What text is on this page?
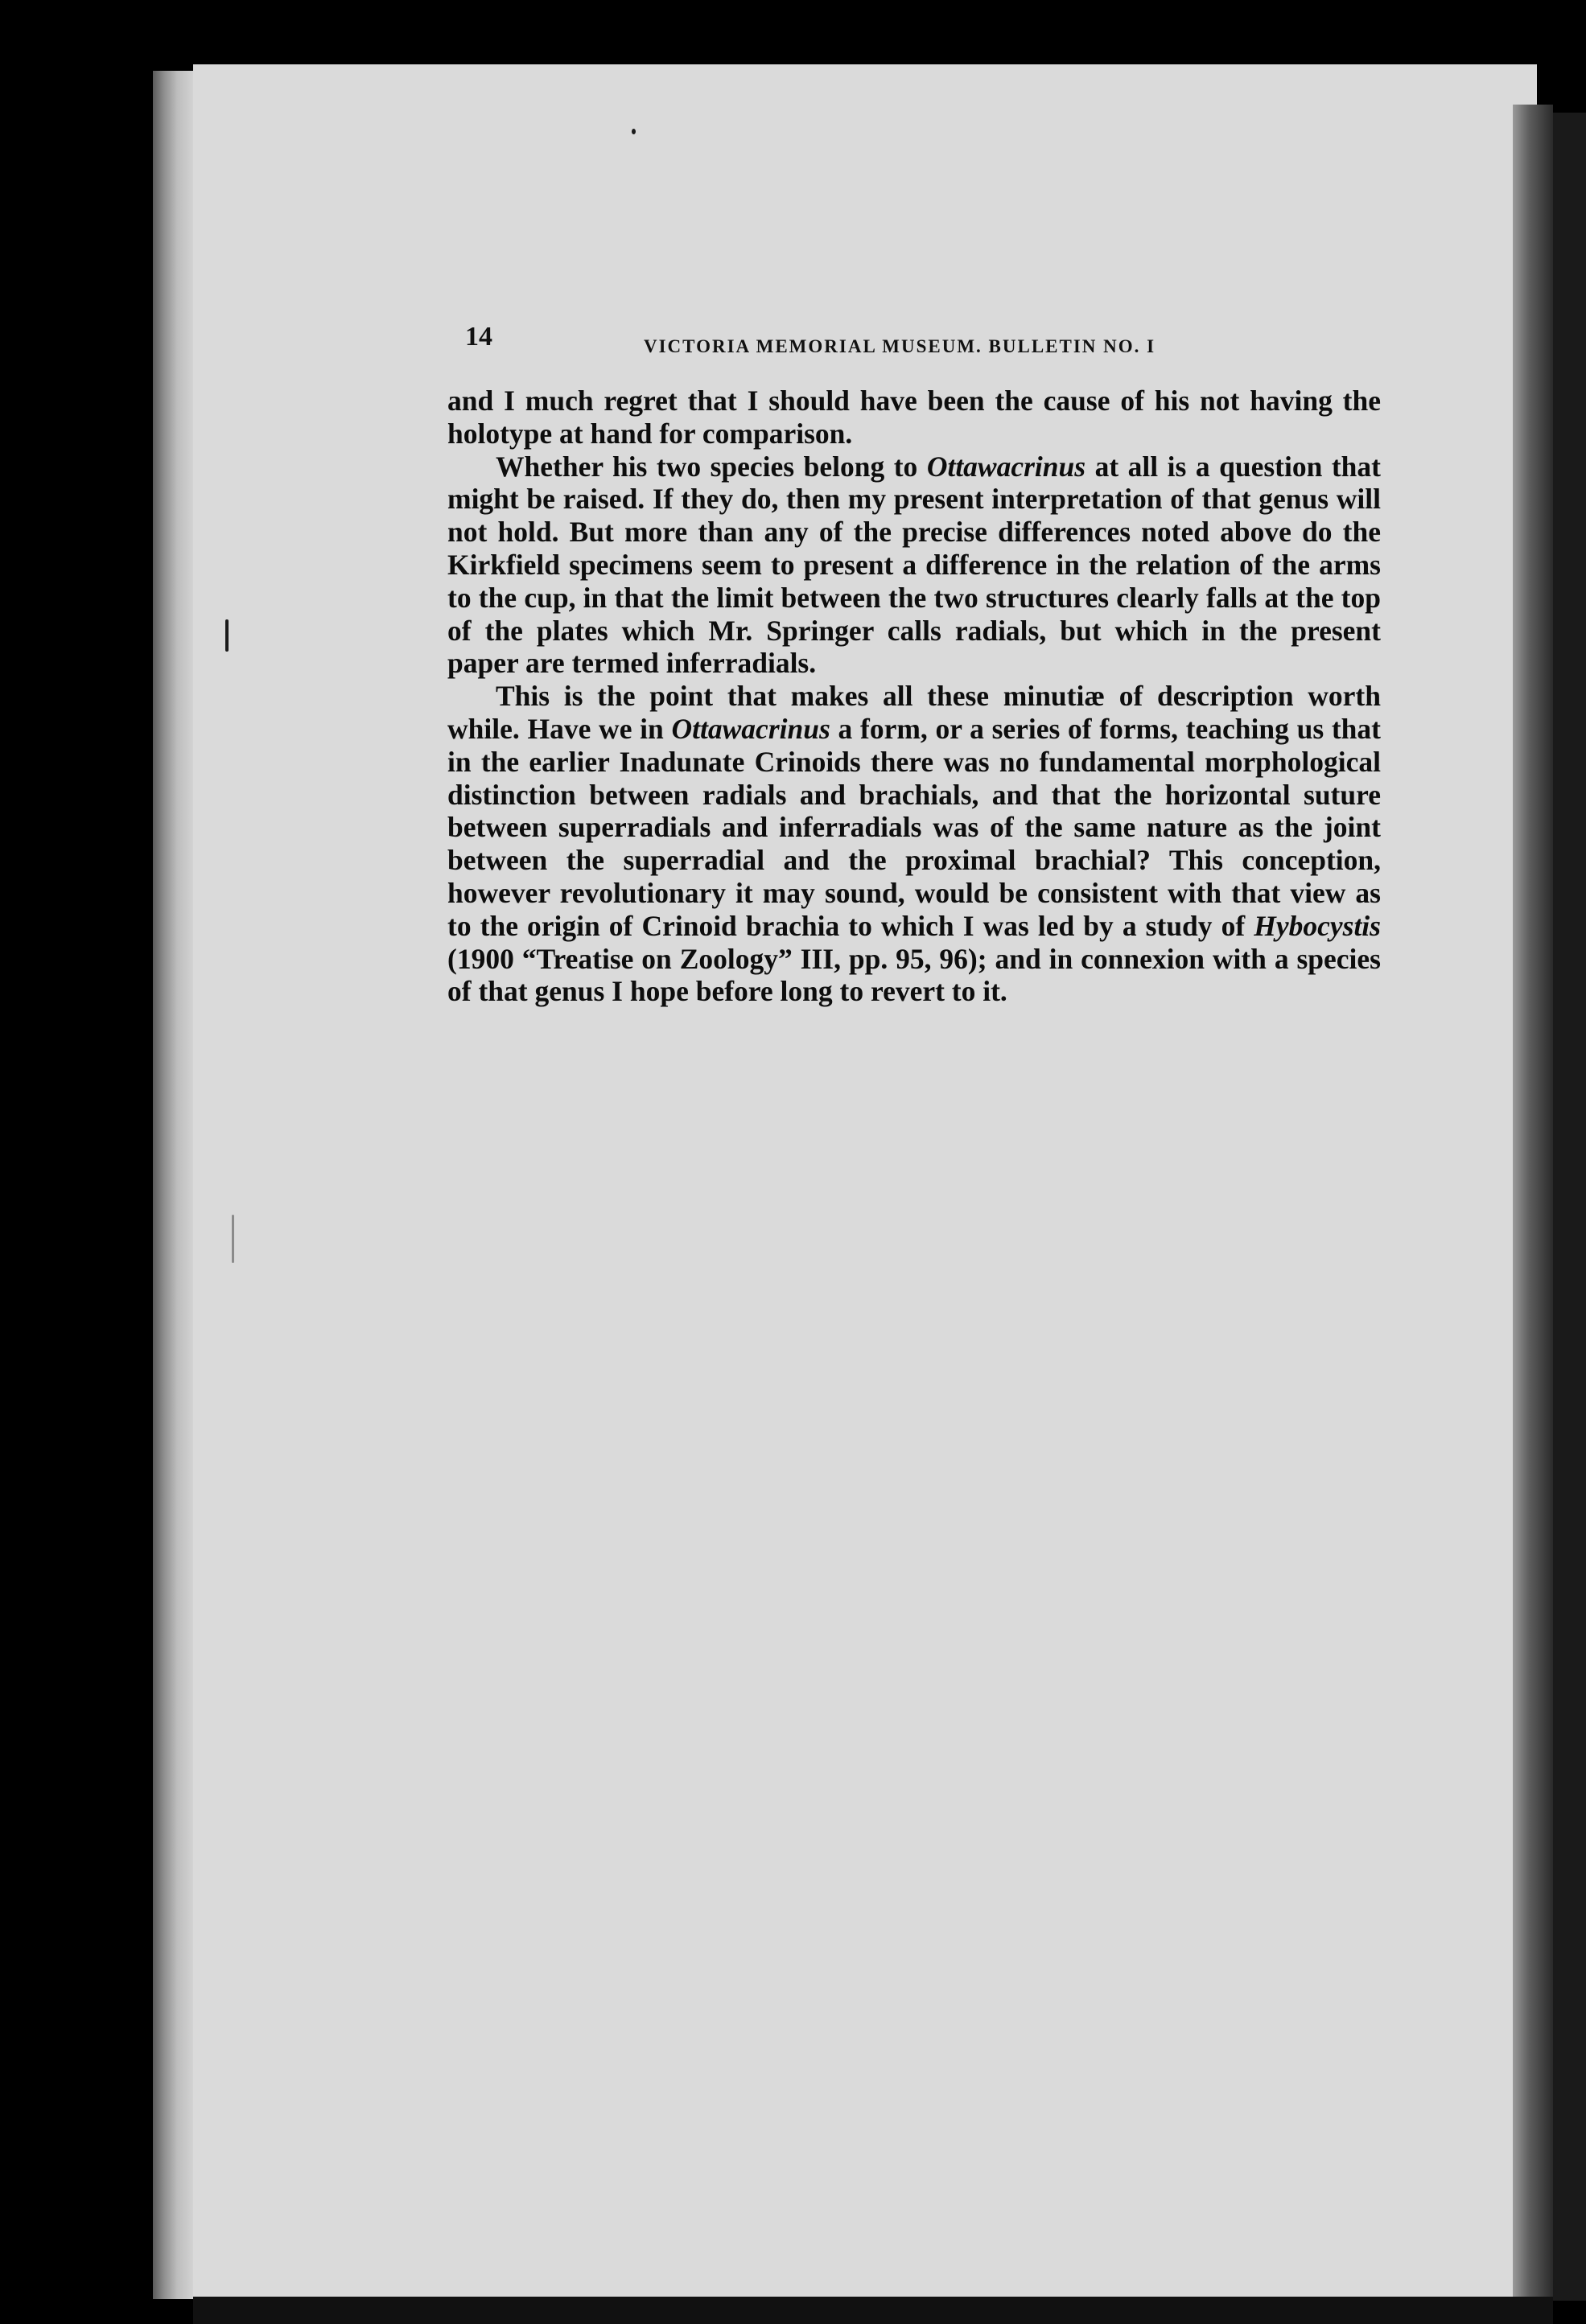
14	VICTORIA MEMORIAL MUSEUM. BULLETIN NO. I

and I much regret that I should have been the cause of his not having the holotype at hand for comparison.

Whether his two species belong to Ottawacrinus at all is a question that might be raised. If they do, then my present interpretation of that genus will not hold. But more than any of the precise differences noted above do the Kirkfield specimens seem to present a difference in the relation of the arms to the cup, in that the limit between the two structures clearly falls at the top of the plates which Mr. Springer calls radials, but which in the present paper are termed inferradials.

This is the point that makes all these minutiæ of description worth while. Have we in Ottawacrinus a form, or a series of forms, teaching us that in the earlier Inadunate Crinoids there was no fundamental morphological distinction between radials and brachials, and that the horizontal suture between superradials and inferradials was of the same nature as the joint between the superradial and the proximal brachial? This conception, however revolutionary it may sound, would be consistent with that view as to the origin of Crinoid brachia to which I was led by a study of Hybocystis (1900 “Treatise on Zoology” III, pp. 95, 96); and in connexion with a species of that genus I hope before long to revert to it.
